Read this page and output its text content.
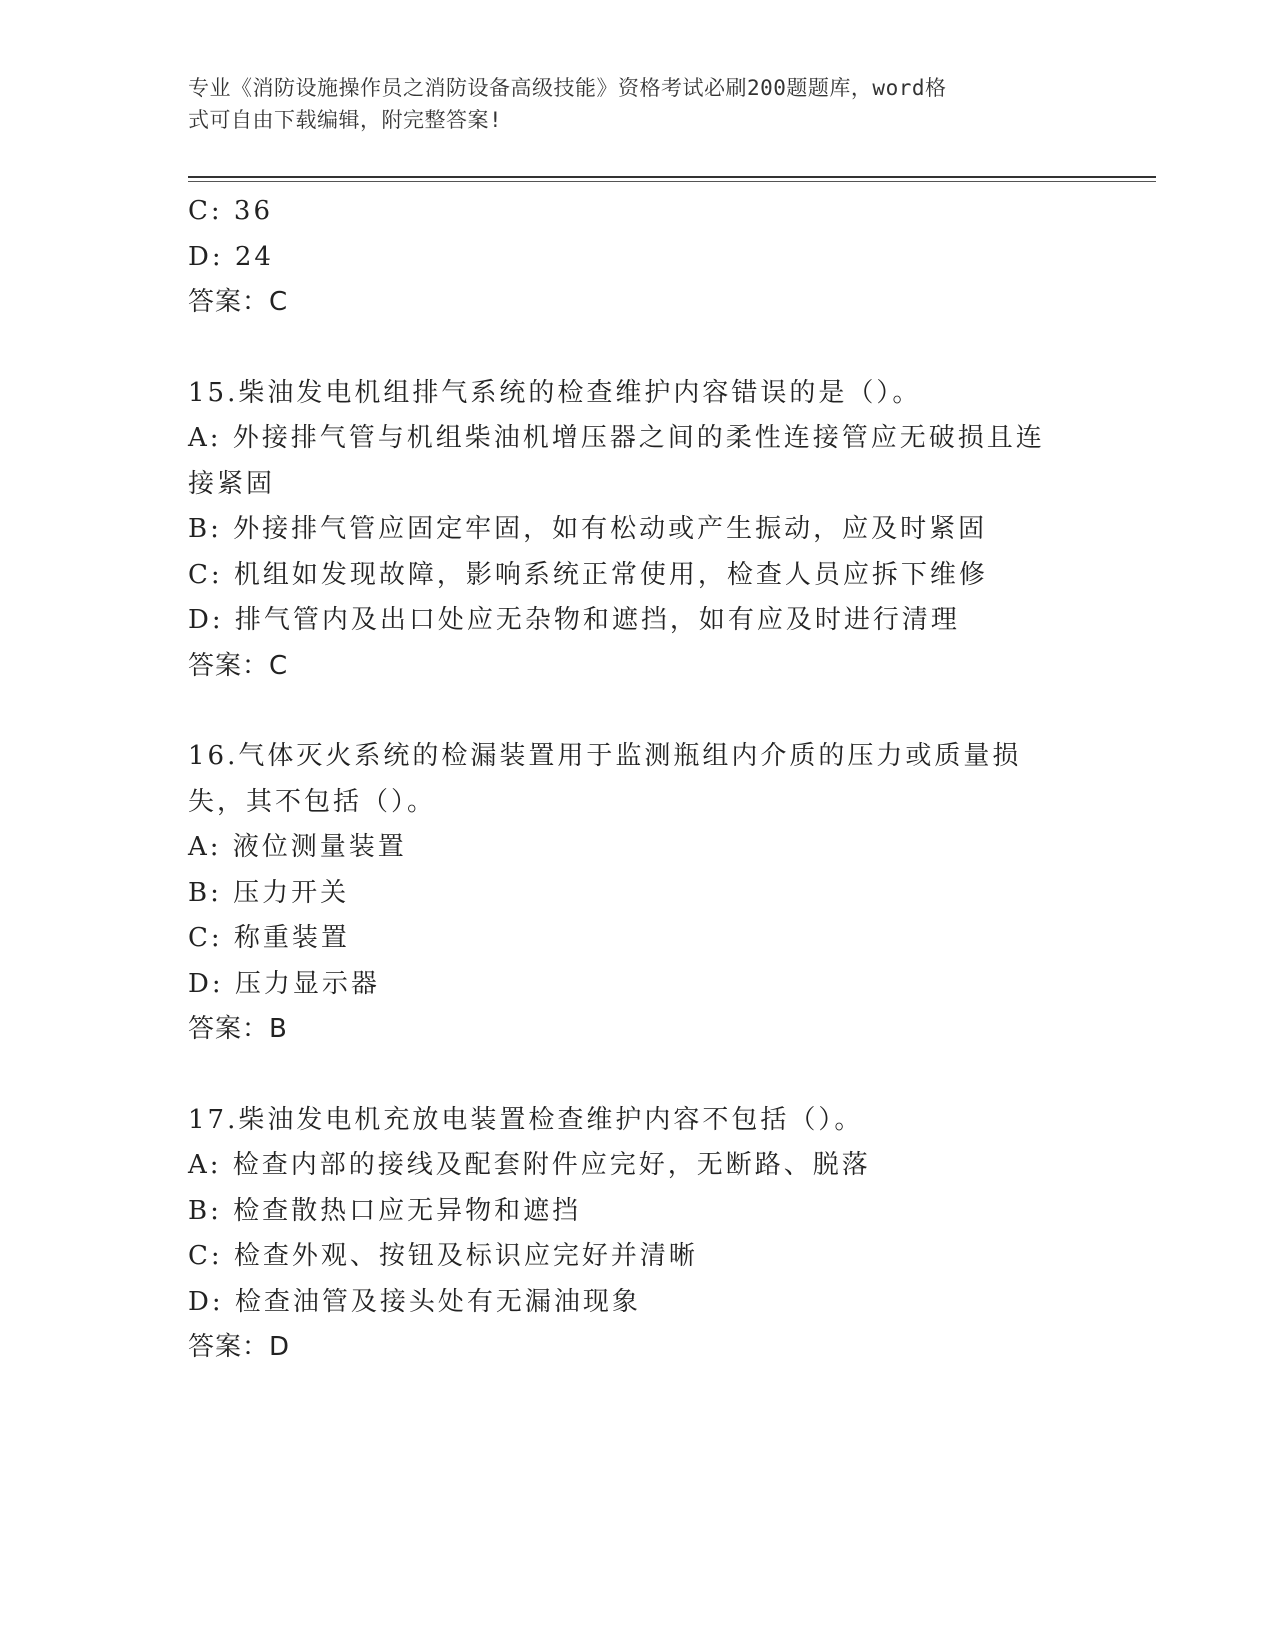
专业《消防设施操作员之消防设备高级技能》资格考试必刷200题题库，word格
式可自由下载编辑，附完整答案!
C: 36
D: 24
答案：C
15.柴油发电机组排气系统的检查维护内容错误的是（）。
A: 外接排气管与机组柴油机增压器之间的柔性连接管应无破损且连接紧固
B: 外接排气管应固定牢固，如有松动或产生振动，应及时紧固
C: 机组如发现故障，影响系统正常使用，检查人员应拆下维修
D: 排气管内及出口处应无杂物和遮挡，如有应及时进行清理
答案：C
16.气体灭火系统的检漏装置用于监测瓶组内介质的压力或质量损失，其不包括（）。
A: 液位测量装置
B: 压力开关
C: 称重装置
D: 压力显示器
答案：B
17.柴油发电机充放电装置检查维护内容不包括（）。
A: 检查内部的接线及配套附件应完好，无断路、脱落
B: 检查散热口应无异物和遮挡
C: 检查外观、按钮及标识应完好并清晰
D: 检查油管及接头处有无漏油现象
答案：D
